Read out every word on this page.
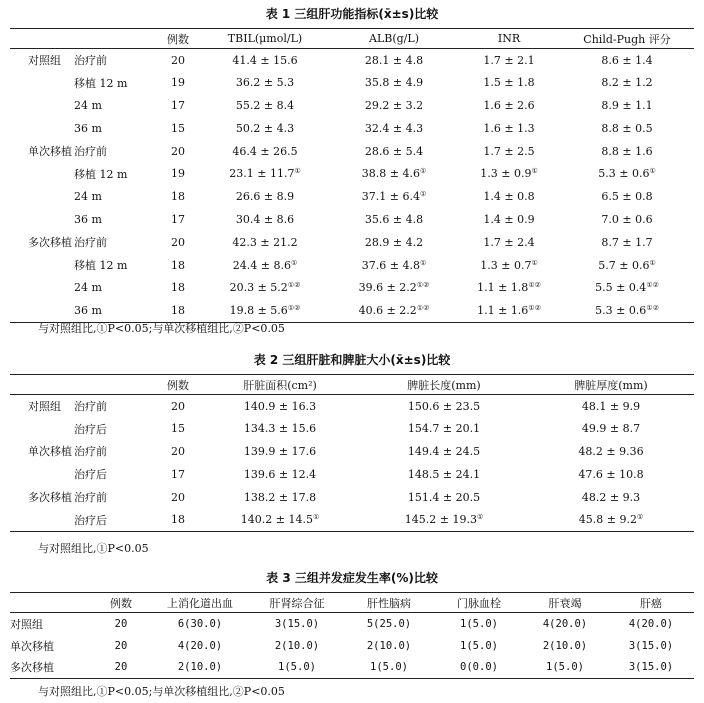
表 1 三组肝功能指标(x̄±s)比较
		例数	TBIL(μmol/L)	ALB(g/L)	INR	Child-Pugh 评分
对照组	治疗前	20	41.4 ± 15.6	28.1 ± 4.8	1.7 ± 2.1	8.6 ± 1.4
	移植 12 m	19	36.2 ± 5.3	35.8 ± 4.9	1.5 ± 1.8	8.2 ± 1.2
	24 m	17	55.2 ± 8.4	29.2 ± 3.2	1.6 ± 2.6	8.9 ± 1.1
	36 m	15	50.2 ± 4.3	32.4 ± 4.3	1.6 ± 1.3	8.8 ± 0.5
单次移植	治疗前	20	46.4 ± 26.5	28.6 ± 5.4	1.7 ± 2.5	8.8 ± 1.6
	移植 12 m	19	23.1 ± 11.7①	38.8 ± 4.6①	1.3 ± 0.9①	5.3 ± 0.6①
	24 m	18	26.6 ± 8.9	37.1 ± 6.4①	1.4 ± 0.8	6.5 ± 0.8
	36 m	17	30.4 ± 8.6	35.6 ± 4.8	1.4 ± 0.9	7.0 ± 0.6
多次移植	治疗前	20	42.3 ± 21.2	28.9 ± 4.2	1.7 ± 2.4	8.7 ± 1.7
	移植 12 m	18	24.4 ± 8.6①	37.6 ± 4.8①	1.3 ± 0.7①	5.7 ± 0.6①
	24 m	18	20.3 ± 5.2①②	39.6 ± 2.2①②	1.1 ± 1.8①②	5.5 ± 0.4①②
	36 m	18	19.8 ± 5.6①②	40.6 ± 2.2①②	1.1 ± 1.6①②	5.3 ± 0.6①②
与对照组比,①P<0.05;与单次移植组比,②P<0.05
表 2 三组肝脏和脾脏大小(x̄±s)比较
		例数	肝脏面积(cm²)	脾脏长度(mm)	脾脏厚度(mm)
对照组	治疗前	20	140.9 ± 16.3	150.6 ± 23.5	48.1 ± 9.9
	治疗后	15	134.3 ± 15.6	154.7 ± 20.1	49.9 ± 8.7
单次移植	治疗前	20	139.9 ± 17.6	149.4 ± 24.5	48.2 ± 9.36
	治疗后	17	139.6 ± 12.4	148.5 ± 24.1	47.6 ± 10.8
多次移植	治疗前	20	138.2 ± 17.8	151.4 ± 20.5	48.2 ± 9.3
	治疗后	18	140.2 ± 14.5①	145.2 ± 19.3①	45.8 ± 9.2①
与对照组比,①P<0.05
表 3 三组并发症发生率(%)比较
	例数	上消化道出血	肝肾综合征	肝性脑病	门脉血栓	肝衰竭	肝癌
对照组	20	6(30.0)	3(15.0)	5(25.0)	1(5.0)	4(20.0)	4(20.0)
单次移植	20	4(20.0)	2(10.0)	2(10.0)	1(5.0)	2(10.0)	3(15.0)
多次移植	20	2(10.0)	1(5.0)	1(5.0)	0(0.0)	1(5.0)	3(15.0)
与对照组比,①P<0.05;与单次移植组比,②P<0.05
